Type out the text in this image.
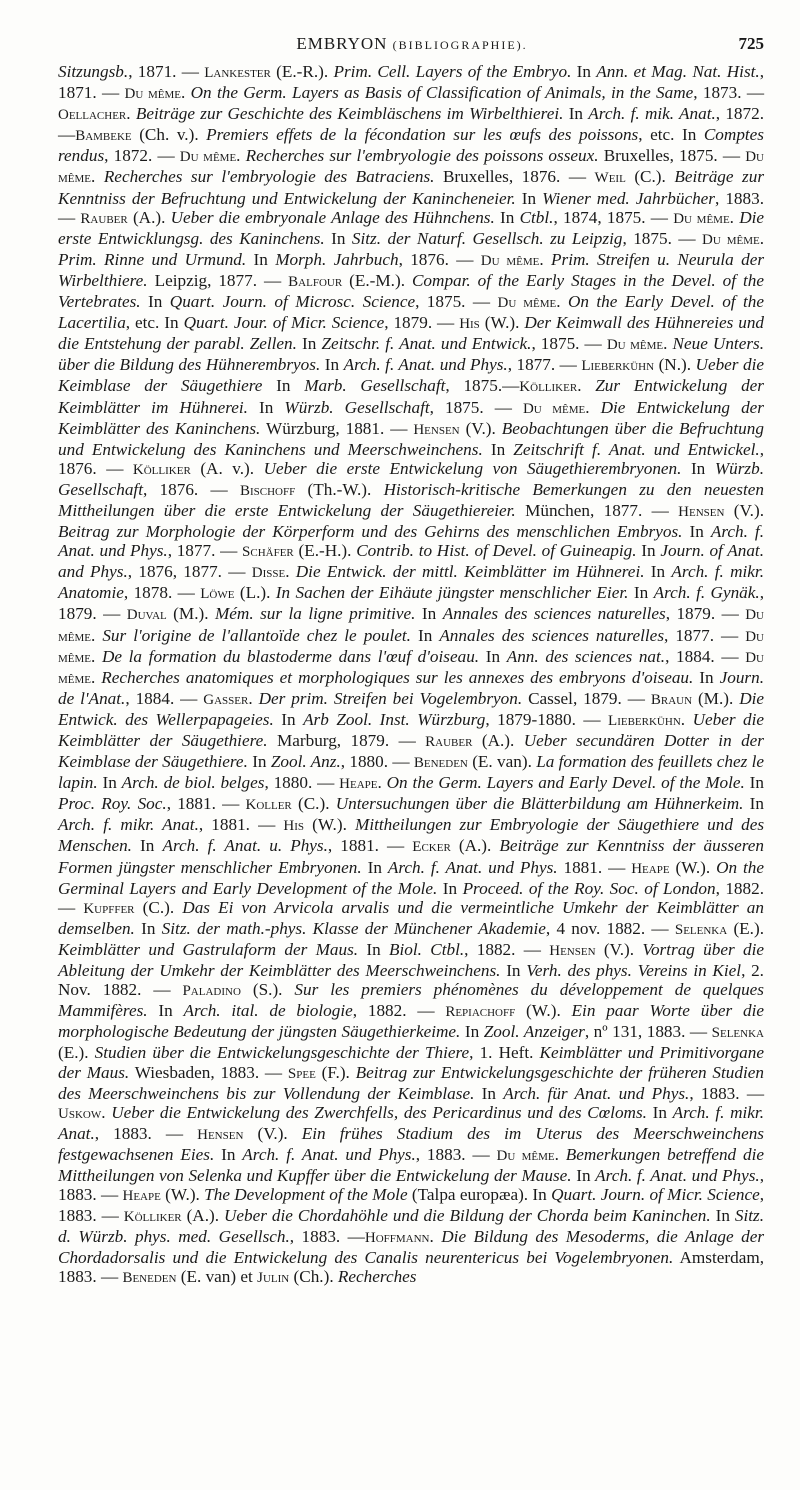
EMBRYON (BIBLIOGRAPHIE).	725
Sitzungsb., 1871. — Lankester (E.-R.). Prim. Cell. Layers of the Embryo. In Ann. et Mag. Nat. Hist., 1871. — Du même. On the Germ. Layers as Basis of Classification of Animals, in the Same, 1873. — Oellacher. Beiträge zur Geschichte des Keimbläschens im Wirbelthierei. In Arch. f. mik. Anat., 1872.—Bambeke (Ch. v.). Premiers effets de la fécondation sur les œufs des poissons, etc. In Comptes rendus, 1872. — Du même. Recherches sur l'embryologie des poissons osseux. Bruxelles, 1875. — Du même. Recherches sur l'embryologie des Batraciens. Bruxelles, 1876. — Weil (C.). Beiträge zur Kenntniss der Befruchtung und Entwickelung der Kanincheneier. In Wiener med. Jahrbücher, 1883. — Rauber (A.). Ueber die embryonale Anlage des Hühnchens. In Ctbl., 1874, 1875. — Du même. Die erste Entwicklungsg. des Kaninchens. In Sitz. der Naturf. Gesellsch. zu Leipzig, 1875. — Du même. Prim. Rinne und Urmund. In Morph. Jahrbuch, 1876. — Du même. Prim. Streifen u. Neurula der Wirbelthiere. Leipzig, 1877. — Balfour (E.-M.). Compar. of the Early Stages in the Devel. of the Vertebrates. In Quart. Journ. of Microsc. Science, 1875. — Du même. On the Early Devel. of the Lacertilia, etc. In Quart. Jour. of Micr. Science, 1879. — His (W.). Der Keimwall des Hühnereies und die Entstehung der parabl. Zellen. In Zeitschr. f. Anat. und Entwick., 1875. — Du même. Neue Unters. über die Bildung des Hühnerembryos. In Arch. f. Anat. und Phys., 1877. — Lieberkühn (N.). Ueber die Keimblase der Säugethiere In Marb. Gesellschaft, 1875.—Kölliker. Zur Entwickelung der Keimblätter im Hühnerei. In Würzb. Gesellschaft, 1875. — Du même. Die Entwickelung der Keimblätter des Kaninchens. Würzburg, 1881. — Hensen (V.). Beobachtungen über die Befruchtung und Entwickelung des Kaninchens und Meerschweinchens. In Zeitschrift f. Anat. und Entwickel., 1876. — Kölliker (A. v.). Ueber die erste Entwickelung von Säugethierembryonen. In Würzb. Gesellschaft, 1876. — Bischoff (Th.-W.). Historisch-kritische Bemerkungen zu den neuesten Mittheilungen über die erste Entwickelung der Säugethiereier. München, 1877. — Hensen (V.). Beitrag zur Morphologie der Körperform und des Gehirns des menschlichen Embryos. In Arch. f. Anat. und Phys., 1877. — Schäfer (E.-H.). Contrib. to Hist. of Devel. of Guineapig. In Journ. of Anat. and Phys., 1876, 1877. — Disse. Die Entwick. der mittl. Keimblätter im Hühnerei. In Arch. f. mikr. Anatomie, 1878. — Löwe (L.). In Sachen der Eihäute jüngster menschlicher Eier. In Arch. f. Gynäk., 1879. — Duval (M.). Mém. sur la ligne primitive. In Annales des sciences naturelles, 1879. — Du même. Sur l'origine de l'allantoïde chez le poulet. In Annales des sciences naturelles, 1877. — Du même. De la formation du blastoderme dans l'œuf d'oiseau. In Ann. des sciences nat., 1884. — Du même. Recherches anatomiques et morphologiques sur les annexes des embryons d'oiseau. In Journ. de l'Anat., 1884. — Gasser. Der prim. Streifen bei Vogelembryon. Cassel, 1879. — Braun (M.). Die Entwick. des Wellerpapageies. In Arb Zool. Inst. Würzburg, 1879-1880. — Lieberkühn. Ueber die Keimblätter der Säugethiere. Marburg, 1879. — Rauber (A.). Ueber secundären Dotter in der Keimblase der Säugethiere. In Zool. Anz., 1880. — Beneden (E. van). La formation des feuillets chez le lapin. In Arch. de biol. belges, 1880. — Heape. On the Germ. Layers and Early Devel. of the Mole. In Proc. Roy. Soc., 1881. — Koller (C.). Untersuchungen über die Blätterbildung am Hühnerkeim. In Arch. f. mikr. Anat., 1881. — His (W.). Mittheilungen zur Embryologie der Säugethiere und des Menschen. In Arch. f. Anat. u. Phys., 1881. — Ecker (A.). Beiträge zur Kenntniss der äusseren Formen jüngster menschlicher Embryonen. In Arch. f. Anat. und Phys. 1881. — Heape (W.). On the Germinal Layers and Early Development of the Mole. In Proceed. of the Roy. Soc. of London, 1882. — Kupffer (C.). Das Ei von Arvicola arvalis und die vermeintliche Umkehr der Keimblätter an demselben. In Sitz. der math.-phys. Klasse der Münchener Akademie, 4 nov. 1882. — Selenka (E.). Keimblätter und Gastrulaform der Maus. In Biol. Ctbl., 1882. — Hensen (V.). Vortrag über die Ableitung der Umkehr der Keimblätter des Meerschweinchens. In Verh. des phys. Vereins in Kiel, 2. Nov. 1882. — Paladino (S.). Sur les premiers phénomènes du développement de quelques Mammifères. In Arch. ital. de biologie, 1882. — Repiachoff (W.). Ein paar Worte über die morphologische Bedeutung der jüngsten Säugethierkeime. In Zool. Anzeiger, nº 131, 1883. — Selenka (E.). Studien über die Entwickelungsgeschichte der Thiere, 1. Heft. Keimblätter und Primitivorgane der Maus. Wiesbaden, 1883. — Spee (F.). Beitrag zur Entwickelungsgeschichte der früheren Studien des Meerschweinchens bis zur Vollendung der Keimblase. In Arch. für Anat. und Phys., 1883. — Uskow. Ueber die Entwickelung des Zwerchfells, des Pericardinus und des Cœloms. In Arch. f. mikr. Anat., 1883. — Hensen (V.). Ein frühes Stadium des im Uterus des Meerschweinchens festgewachsenen Eies. In Arch. f. Anat. und Phys., 1883. — Du même. Bemerkungen betreffend die Mittheilungen von Selenka und Kupffer über die Entwickelung der Mause. In Arch. f. Anat. und Phys., 1883. — Heape (W.). The Development of the Mole (Talpa europæa). In Quart. Journ. of Micr. Science, 1883. — Kölliker (A.). Ueber die Chordahöhle und die Bildung der Chorda beim Kaninchen. In Sitz. d. Würzb. phys. med. Gesellsch., 1883. —Hoffmann. Die Bildung des Mesoderms, die Anlage der Chordadorsalis und die Entwickelung des Canalis neurentericus bei Vogelembryonen. Amsterdam, 1883. — Beneden (E. van) et Julin (Ch.). Recherches
